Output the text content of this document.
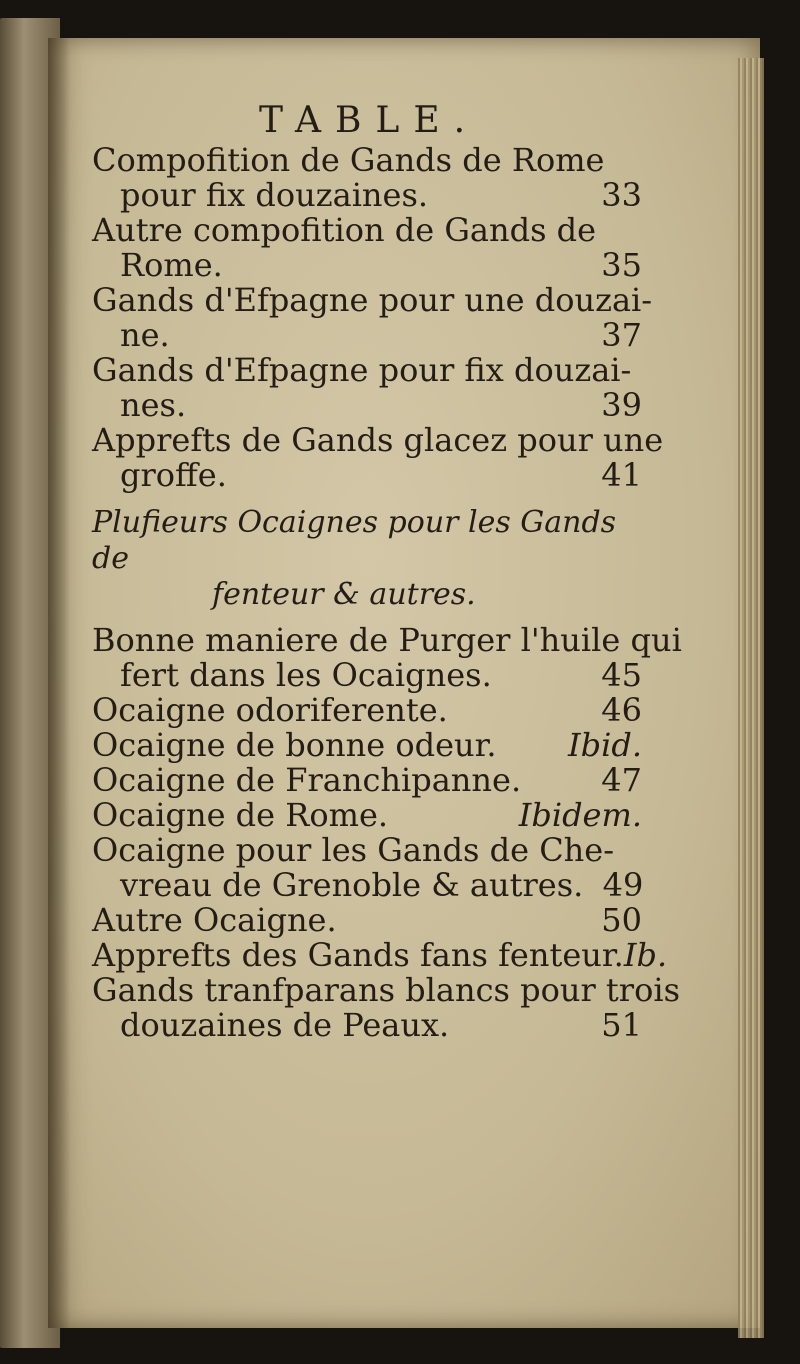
TABLE.
Compofition de Gands de Rome
pour fix douzaines.	33
Autre compofition de Gands de
Rome.	35
Gands d'Efpagne pour une douzai-
ne.	37
Gands d'Efpagne pour fix douzai-
nes.	39
Apprefts de Gands glacez pour une
groffe.	41
Plufieurs Ocaignes pour les Gands de
fenteur & autres.
Bonne maniere de Purger l'huile qui
fert dans les Ocaignes.	45
Ocaigne odoriferente.	46
Ocaigne de bonne odeur. Ibid.
Ocaigne de Franchipanne.	47
Ocaigne de Rome.	Ibidem.
Ocaigne pour les Gands de Che-
vreau de Grenoble & autres. 49
Autre Ocaigne.	50
Apprefts des Gands fans fenteur. Ib.
Gands tranfparans blancs pour trois
douzaines de Peaux.	51
